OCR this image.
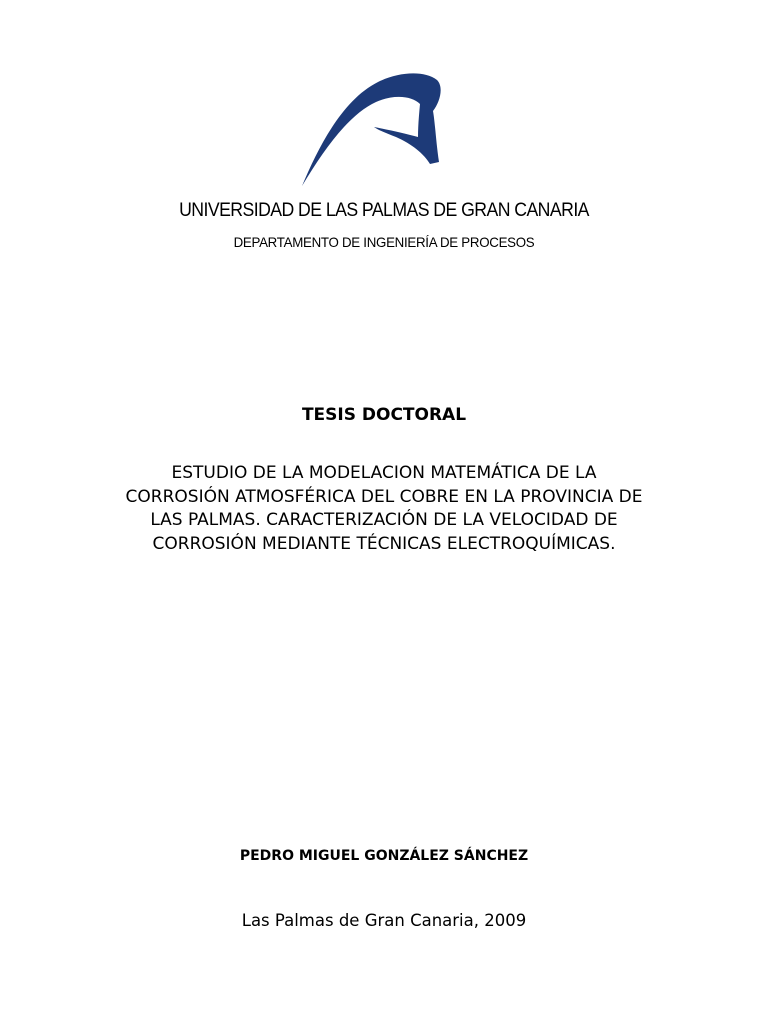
UNIVERSIDAD DE LAS PALMAS DE GRAN CANARIA
DEPARTAMENTO DE INGENIERÍA DE PROCESOS
TESIS DOCTORAL
ESTUDIO DE LA MODELACION MATEMÁTICA DE LA
CORROSIÓN ATMOSFÉRICA DEL COBRE EN LA PROVINCIA DE
LAS PALMAS. CARACTERIZACIÓN DE LA VELOCIDAD DE
CORROSIÓN MEDIANTE TÉCNICAS ELECTROQUÍMICAS.
PEDRO MIGUEL GONZÁLEZ SÁNCHEZ
Las Palmas de Gran Canaria, 2009
